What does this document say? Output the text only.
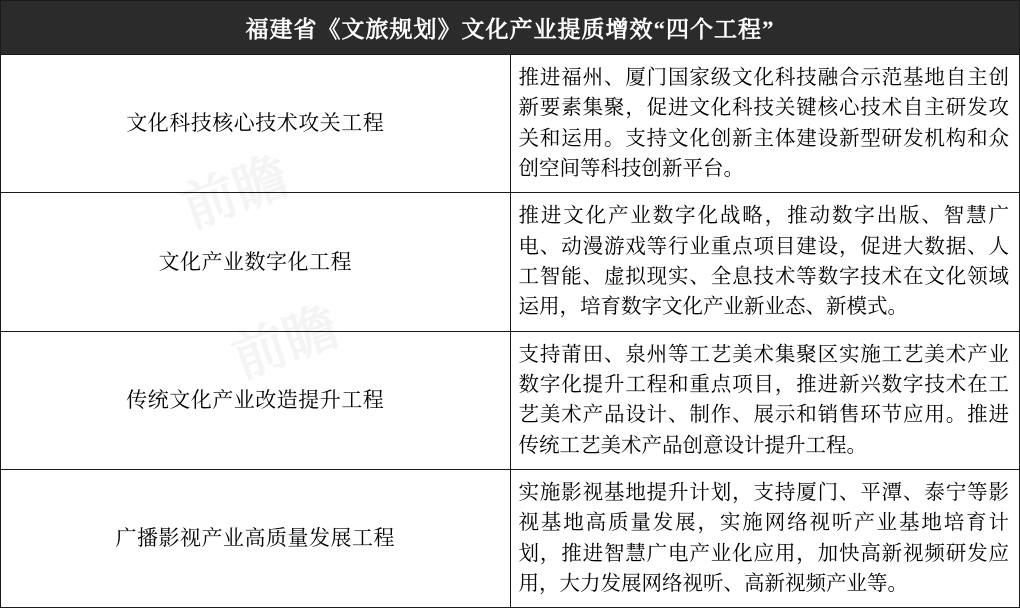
福建省《文旅规划》文化产业提质增效“四个工程”	
文化科技核心技术攻关工程	推进福州、厦门国家级文化科技融合示范基地自主创新要素集聚，促进文化科技关键核心技术自主研发攻关和运用。支持文化创新主体建设新型研发机构和众创空间等科技创新平台。
文化产业数字化工程	推进文化产业数字化战略，推动数字出版、智慧广电、动漫游戏等行业重点项目建设，促进大数据、人工智能、虚拟现实、全息技术等数字技术在文化领域运用，培育数字文化产业新业态、新模式。
传统文化产业改造提升工程	支持莆田、泉州等工艺美术集聚区实施工艺美术产业数字化提升工程和重点项目，推进新兴数字技术在工艺美术产品设计、制作、展示和销售环节应用。推进传统工艺美术产品创意设计提升工程。
广播影视产业高质量发展工程	实施影视基地提升计划，支持厦门、平潭、泰宁等影视基地高质量发展，实施网络视听产业基地培育计划，推进智慧广电产业化应用，加快高新视频研发应用，大力发展网络视听、高新视频产业等。
